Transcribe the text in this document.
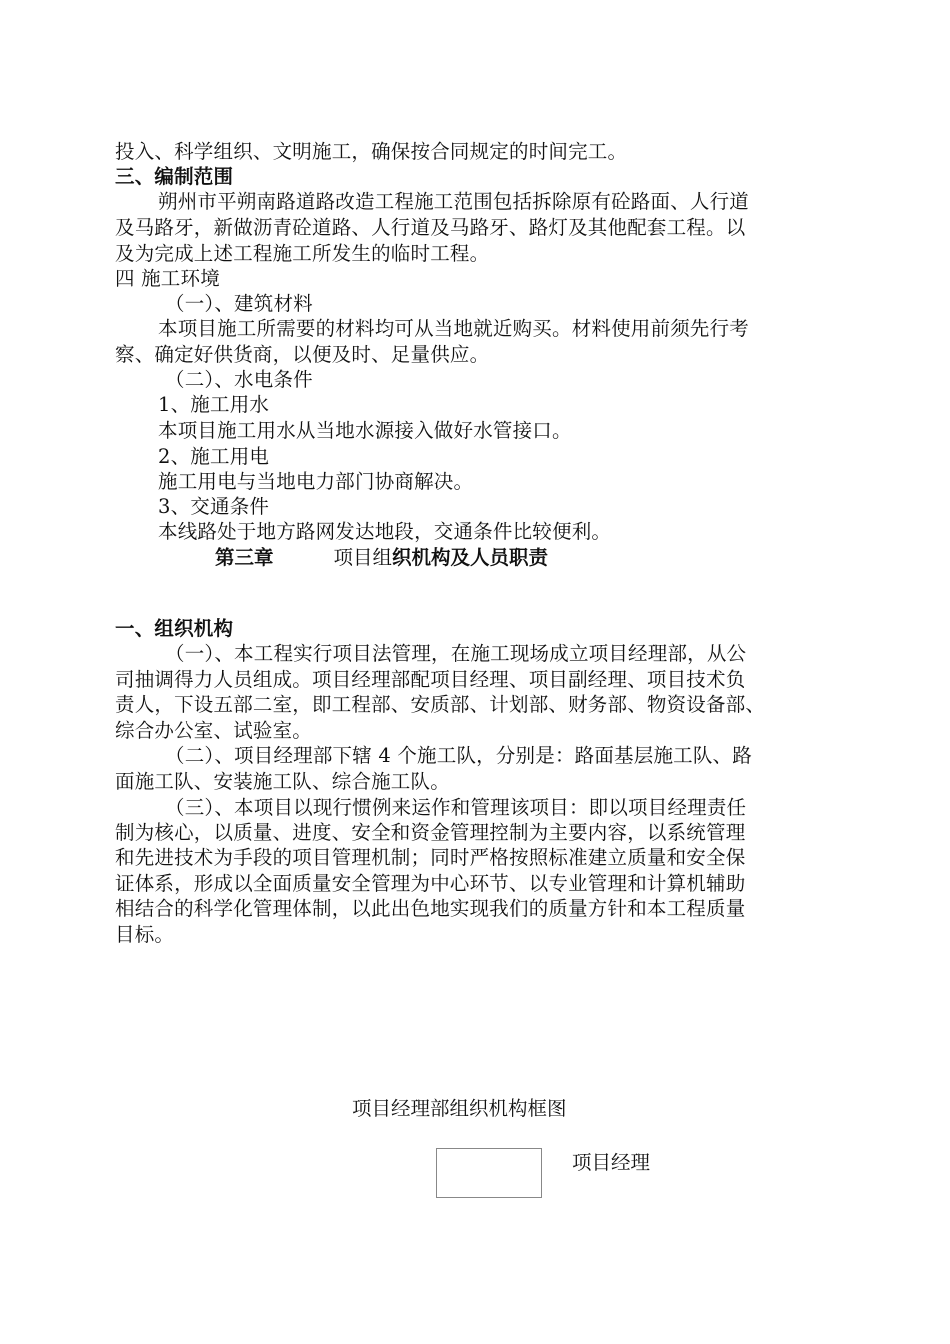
投入、科学组织、文明施工，确保按合同规定的时间完工。
三、编制范围
朔州市平朔南路道路改造工程施工范围包括拆除原有砼路面、人行道
及马路牙，新做沥青砼道路、人行道及马路牙、路灯及其他配套工程。以
及为完成上述工程施工所发生的临时工程。
四 施工环境
（一）、建筑材料
本项目施工所需要的材料均可从当地就近购买。材料使用前须先行考
察、确定好供货商，以便及时、足量供应。
（二）、水电条件
1、施工用水
本项目施工用水从当地水源接入做好水管接口。
2、施工用电
施工用电与当地电力部门协商解决。
3、交通条件
本线路处于地方路网发达地段，交通条件比较便利。
第三章	项目组织机构及人员职责
一、组织机构
（一）、本工程实行项目法管理，在施工现场成立项目经理部，从公
司抽调得力人员组成。项目经理部配项目经理、项目副经理、项目技术负
责人，下设五部二室，即工程部、安质部、计划部、财务部、物资设备部、
综合办公室、试验室。
（二）、项目经理部下辖 4 个施工队，分别是：路面基层施工队、路
面施工队、安装施工队、综合施工队。
（三）、本项目以现行惯例来运作和管理该项目：即以项目经理责任
制为核心，以质量、进度、安全和资金管理控制为主要内容，以系统管理
和先进技术为手段的项目管理机制；同时严格按照标准建立质量和安全保
证体系，形成以全面质量安全管理为中心环节、以专业管理和计算机辅助
相结合的科学化管理体制，以此出色地实现我们的质量方针和本工程质量
目标。
项目经理部组织机构框图
项目经理
